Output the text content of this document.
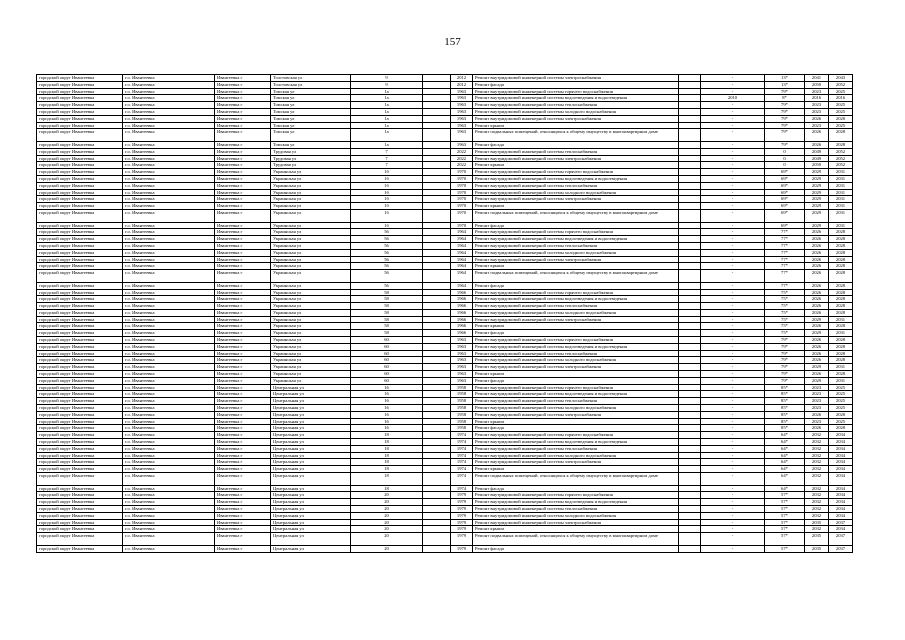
157
городской округ Ивантеевка	г.о. Ивантеевка	Ивантеевка г	Толстовская ул	9		2012	Ремонт внутридомовой инженерной системы электроснабжения		-	13*	2041	2043
городской округ Ивантеевка	г.о. Ивантеевка	Ивантеевка г	Толстовская ул	9		2012	Ремонт фасада		-	13*	2050	2052
городской округ Ивантеевка	г.о. Ивантеевка	Ивантеевка г	Томская ул	1а		1963	Ремонт внутридомовой инженерной системы горячего водоснабжения		-	79*	2023	2025
городской округ Ивантеевка	г.о. Ивантеевка	Ивантеевка г	Томская ул	1а		1963	Ремонт внутридомовой инженерной системы водоотведения и водоотведения		2010	8*	2016	2016
городской округ Ивантеевка	г.о. Ивантеевка	Ивантеевка г	Томская ул	1а		1963	Ремонт внутридомовой инженерной системы теплоснабжения		-	79*	2023	2025
городской округ Ивантеевка	г.о. Ивантеевка	Ивантеевка г	Томская ул	1а		1963	Ремонт внутридомовой инженерной системы холодного водоснабжения		-	79*	2023	2025
городской округ Ивантеевка	г.о. Ивантеевка	Ивантеевка г	Томская ул	1а		1963	Ремонт внутридомовой инженерной системы электроснабжения		-	79*	2026	2028
городской округ Ивантеевка	г.о. Ивантеевка	Ивантеевка г	Томская ул	1а		1963	Ремонт крыши		-	79*	2023	2025
городской округ Ивантеевка	г.о. Ивантеевка	Ивантеевка г	Томская ул	1а		1963	Ремонт подвальных помещений, относящихся к общему имуществу в многоквартирном доме		-	79*	2026	2028
городской округ Ивантеевка	г.о. Ивантеевка	Ивантеевка г	Томская ул	1а		1963	Ремонт фасада		-	79*	2026	2028
городской округ Ивантеевка	г.о. Ивантеевка	Ивантеевка г	Трудовая ул	7		2022	Ремонт внутридомовой инженерной системы теплоснабжения		-	0	2049	2052
городской округ Ивантеевка	г.о. Ивантеевка	Ивантеевка г	Трудовая ул	7		2022	Ремонт внутридомовой инженерной системы электроснабжения		-	0	2049	2052
городской округ Ивантеевка	г.о. Ивантеевка	Ивантеевка г	Трудовая ул	7		2022	Ремонт крыши		-	0	2050	2052
городской округ Ивантеевка	г.о. Ивантеевка	Ивантеевка г	Украинская ул	1б		1970	Ремонт внутридомовой инженерной системы горячего водоснабжения		-	69*	2029	2031
городской округ Ивантеевка	г.о. Ивантеевка	Ивантеевка г	Украинская ул	1б		1970	Ремонт внутридомовой инженерной системы водоотведения и водоотведения		-	69*	2029	2031
городской округ Ивантеевка	г.о. Ивантеевка	Ивантеевка г	Украинская ул	1б		1970	Ремонт внутридомовой инженерной системы теплоснабжения		-	69*	2029	2031
городской округ Ивантеевка	г.о. Ивантеевка	Ивантеевка г	Украинская ул	1б		1970	Ремонт внутридомовой инженерной системы холодного водоснабжения		-	69*	2029	2031
городской округ Ивантеевка	г.о. Ивантеевка	Ивантеевка г	Украинская ул	1б		1970	Ремонт внутридомовой инженерной системы электроснабжения		-	69*	2029	2031
городской округ Ивантеевка	г.о. Ивантеевка	Ивантеевка г	Украинская ул	1б		1970	Ремонт крыши		-	69*	2029	2031
городской округ Ивантеевка	г.о. Ивантеевка	Ивантеевка г	Украинская ул	1б		1970	Ремонт подвальных помещений, относящихся к общему имуществу в многоквартирном доме		-	69*	2029	2031
городской округ Ивантеевка	г.о. Ивантеевка	Ивантеевка г	Украинская ул	1б		1970	Ремонт фасада		-	69*	2029	2031
городской округ Ивантеевка	г.о. Ивантеевка	Ивантеевка г	Украинская ул	56		1964	Ремонт внутридомовой инженерной системы горячего водоснабжения		-	77*	2026	2028
городской округ Ивантеевка	г.о. Ивантеевка	Ивантеевка г	Украинская ул	56		1964	Ремонт внутридомовой инженерной системы водоотведения и водоотведения		-	77*	2026	2028
городской округ Ивантеевка	г.о. Ивантеевка	Ивантеевка г	Украинская ул	56		1964	Ремонт внутридомовой инженерной системы теплоснабжения		-	77*	2026	2028
городской округ Ивантеевка	г.о. Ивантеевка	Ивантеевка г	Украинская ул	56		1964	Ремонт внутридомовой инженерной системы холодного водоснабжения		-	77*	2026	2028
городской округ Ивантеевка	г.о. Ивантеевка	Ивантеевка г	Украинская ул	56		1964	Ремонт внутридомовой инженерной системы электроснабжения		-	77*	2026	2028
городской округ Ивантеевка	г.о. Ивантеевка	Ивантеевка г	Украинская ул	56		1964	Ремонт крыши		-	77*	2026	2028
городской округ Ивантеевка	г.о. Ивантеевка	Ивантеевка г	Украинская ул	56		1964	Ремонт подвальных помещений, относящихся к общему имуществу в многоквартирном доме		-	77*	2026	2028
городской округ Ивантеевка	г.о. Ивантеевка	Ивантеевка г	Украинская ул	56		1964	Ремонт фасада		-	77*	2026	2028
городской округ Ивантеевка	г.о. Ивантеевка	Ивантеевка г	Украинская ул	58		1966	Ремонт внутридомовой инженерной системы горячего водоснабжения		-	75*	2026	2028
городской округ Ивантеевка	г.о. Ивантеевка	Ивантеевка г	Украинская ул	58		1966	Ремонт внутридомовой инженерной системы водоотведения и водоотведения		-	75*	2026	2028
городской округ Ивантеевка	г.о. Ивантеевка	Ивантеевка г	Украинская ул	58		1966	Ремонт внутридомовой инженерной системы теплоснабжения		-	75*	2026	2028
городской округ Ивантеевка	г.о. Ивантеевка	Ивантеевка г	Украинская ул	58		1966	Ремонт внутридомовой инженерной системы холодного водоснабжения		-	75*	2026	2028
городской округ Ивантеевка	г.о. Ивантеевка	Ивантеевка г	Украинская ул	58		1966	Ремонт внутридомовой инженерной системы электроснабжения		-	75*	2029	2031
городской округ Ивантеевка	г.о. Ивантеевка	Ивантеевка г	Украинская ул	58		1966	Ремонт крыши		-	75*	2026	2028
городской округ Ивантеевка	г.о. Ивантеевка	Ивантеевка г	Украинская ул	58		1966	Ремонт фасада		-	75*	2029	2031
городской округ Ивантеевка	г.о. Ивантеевка	Ивантеевка г	Украинская ул	60		1963	Ремонт внутридомовой инженерной системы горячего водоснабжения		-	79*	2026	2028
городской округ Ивантеевка	г.о. Ивантеевка	Ивантеевка г	Украинская ул	60		1963	Ремонт внутридомовой инженерной системы водоотведения и водоотведения		-	79*	2026	2028
городской округ Ивантеевка	г.о. Ивантеевка	Ивантеевка г	Украинская ул	60		1963	Ремонт внутридомовой инженерной системы теплоснабжения		-	79*	2026	2028
городской округ Ивантеевка	г.о. Ивантеевка	Ивантеевка г	Украинская ул	60		1963	Ремонт внутридомовой инженерной системы холодного водоснабжения		-	79*	2026	2028
городской округ Ивантеевка	г.о. Ивантеевка	Ивантеевка г	Украинская ул	60		1963	Ремонт внутридомовой инженерной системы электроснабжения		-	79*	2029	2031
городской округ Ивантеевка	г.о. Ивантеевка	Ивантеевка г	Украинская ул	60		1963	Ремонт крыши		-	79*	2026	2028
городской округ Ивантеевка	г.о. Ивантеевка	Ивантеевка г	Украинская ул	60		1963	Ремонт фасада		-	79*	2029	2031
городской округ Ивантеевка	г.о. Ивантеевка	Ивантеевка г	Центральная ул	16		1958	Ремонт внутридомовой инженерной системы горячего водоснабжения		-	85*	2023	2025
городской округ Ивантеевка	г.о. Ивантеевка	Ивантеевка г	Центральная ул	16		1958	Ремонт внутридомовой инженерной системы водоотведения и водоотведения		-	85*	2023	2025
городской округ Ивантеевка	г.о. Ивантеевка	Ивантеевка г	Центральная ул	16		1958	Ремонт внутридомовой инженерной системы теплоснабжения		-	85*	2023	2025
городской округ Ивантеевка	г.о. Ивантеевка	Ивантеевка г	Центральная ул	16		1958	Ремонт внутридомовой инженерной системы холодного водоснабжения		-	85*	2023	2025
городской округ Ивантеевка	г.о. Ивантеевка	Ивантеевка г	Центральная ул	16		1958	Ремонт внутридомовой инженерной системы электроснабжения		-	85*	2026	2028
городской округ Ивантеевка	г.о. Ивантеевка	Ивантеевка г	Центральная ул	16		1958	Ремонт крыши		-	85*	2023	2025
городской округ Ивантеевка	г.о. Ивантеевка	Ивантеевка г	Центральная ул	16		1958	Ремонт фасада		-	85*	2026	2028
городской округ Ивантеевка	г.о. Ивантеевка	Ивантеевка г	Центральная ул	18		1974	Ремонт внутридомовой инженерной системы горячего водоснабжения		-	64*	2032	2034
городской округ Ивантеевка	г.о. Ивантеевка	Ивантеевка г	Центральная ул	18		1974	Ремонт внутридомовой инженерной системы водоотведения и водоотведения		-	64*	2032	2034
городской округ Ивантеевка	г.о. Ивантеевка	Ивантеевка г	Центральная ул	18		1974	Ремонт внутридомовой инженерной системы теплоснабжения		-	64*	2032	2034
городской округ Ивантеевка	г.о. Ивантеевка	Ивантеевка г	Центральная ул	18		1974	Ремонт внутридомовой инженерной системы холодного водоснабжения		-	64*	2032	2034
городской округ Ивантеевка	г.о. Ивантеевка	Ивантеевка г	Центральная ул	18		1974	Ремонт внутридомовой инженерной системы электроснабжения		-	64*	2032	2034
городской округ Ивантеевка	г.о. Ивантеевка	Ивантеевка г	Центральная ул	18		1974	Ремонт крыши		-	64*	2032	2034
городской округ Ивантеевка	г.о. Ивантеевка	Ивантеевка г	Центральная ул	18		1974	Ремонт подвальных помещений, относящихся к общему имуществу в многоквартирном доме		-	64*	2032	2034
городской округ Ивантеевка	г.о. Ивантеевка	Ивантеевка г	Центральная ул	18		1974	Ремонт фасада		-	64*	2032	2034
городской округ Ивантеевка	г.о. Ивантеевка	Ивантеевка г	Центральная ул	20		1979	Ремонт внутридомовой инженерной системы горячего водоснабжения		-	57*	2032	2034
городской округ Ивантеевка	г.о. Ивантеевка	Ивантеевка г	Центральная ул	20		1979	Ремонт внутридомовой инженерной системы водоотведения и водоотведения		-	57*	2032	2034
городской округ Ивантеевка	г.о. Ивантеевка	Ивантеевка г	Центральная ул	20		1979	Ремонт внутридомовой инженерной системы теплоснабжения		-	57*	2032	2034
городской округ Ивантеевка	г.о. Ивантеевка	Ивантеевка г	Центральная ул	20		1979	Ремонт внутридомовой инженерной системы холодного водоснабжения		-	57*	2032	2034
городской округ Ивантеевка	г.о. Ивантеевка	Ивантеевка г	Центральная ул	20		1979	Ремонт внутридомовой инженерной системы электроснабжения		-	57*	2035	2037
городской округ Ивантеевка	г.о. Ивантеевка	Ивантеевка г	Центральная ул	20		1979	Ремонт крыши		-	57*	2032	2034
городской округ Ивантеевка	г.о. Ивантеевка	Ивантеевка г	Центральная ул	20		1979	Ремонт подвальных помещений, относящихся к общему имуществу в многоквартирном доме		-	57*	2035	2037
городской округ Ивантеевка	г.о. Ивантеевка	Ивантеевка г	Центральная ул	20		1979	Ремонт фасада		-	57*	2035	2037
